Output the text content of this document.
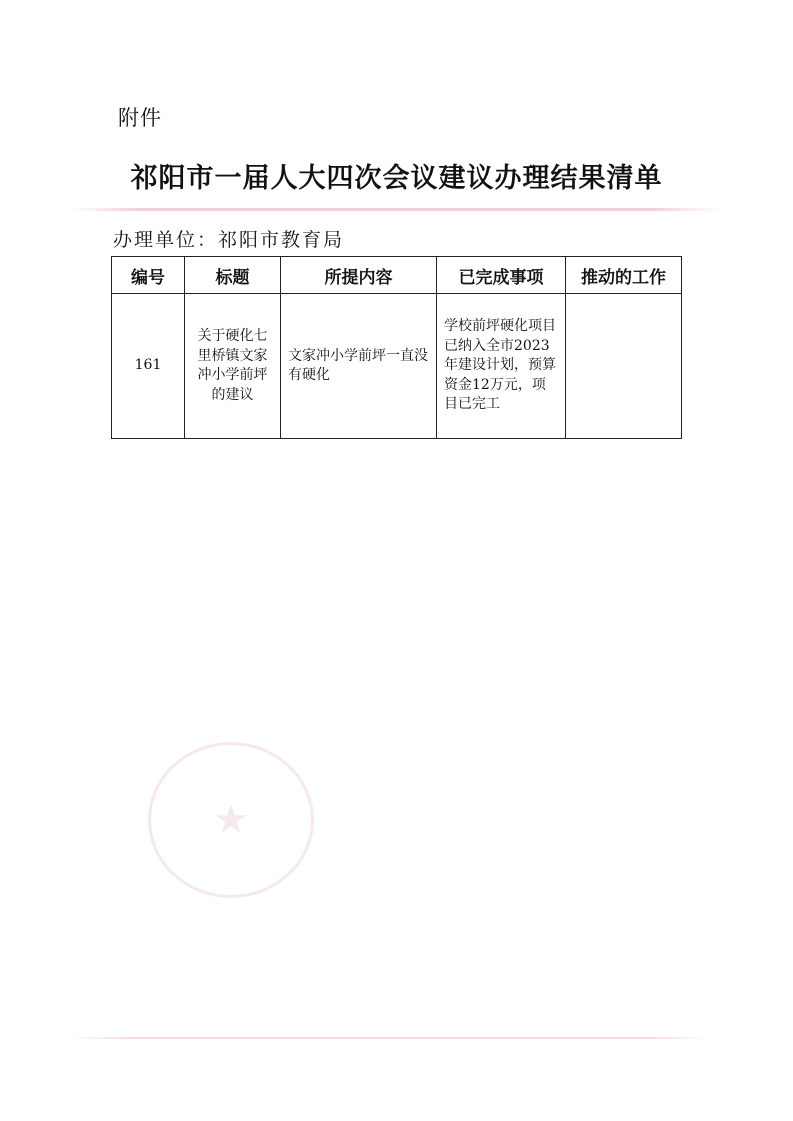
附件
祁阳市一届人大四次会议建议办理结果清单
办理单位：祁阳市教育局
编号	标题	所提内容	已完成事项	推动的工作
161	关于硬化七里桥镇文家冲小学前坪的建议	文家冲小学前坪一直没有硬化	学校前坪硬化项目已纳入全市2023年建设计划，预算资金12万元，项目已完工	
★
